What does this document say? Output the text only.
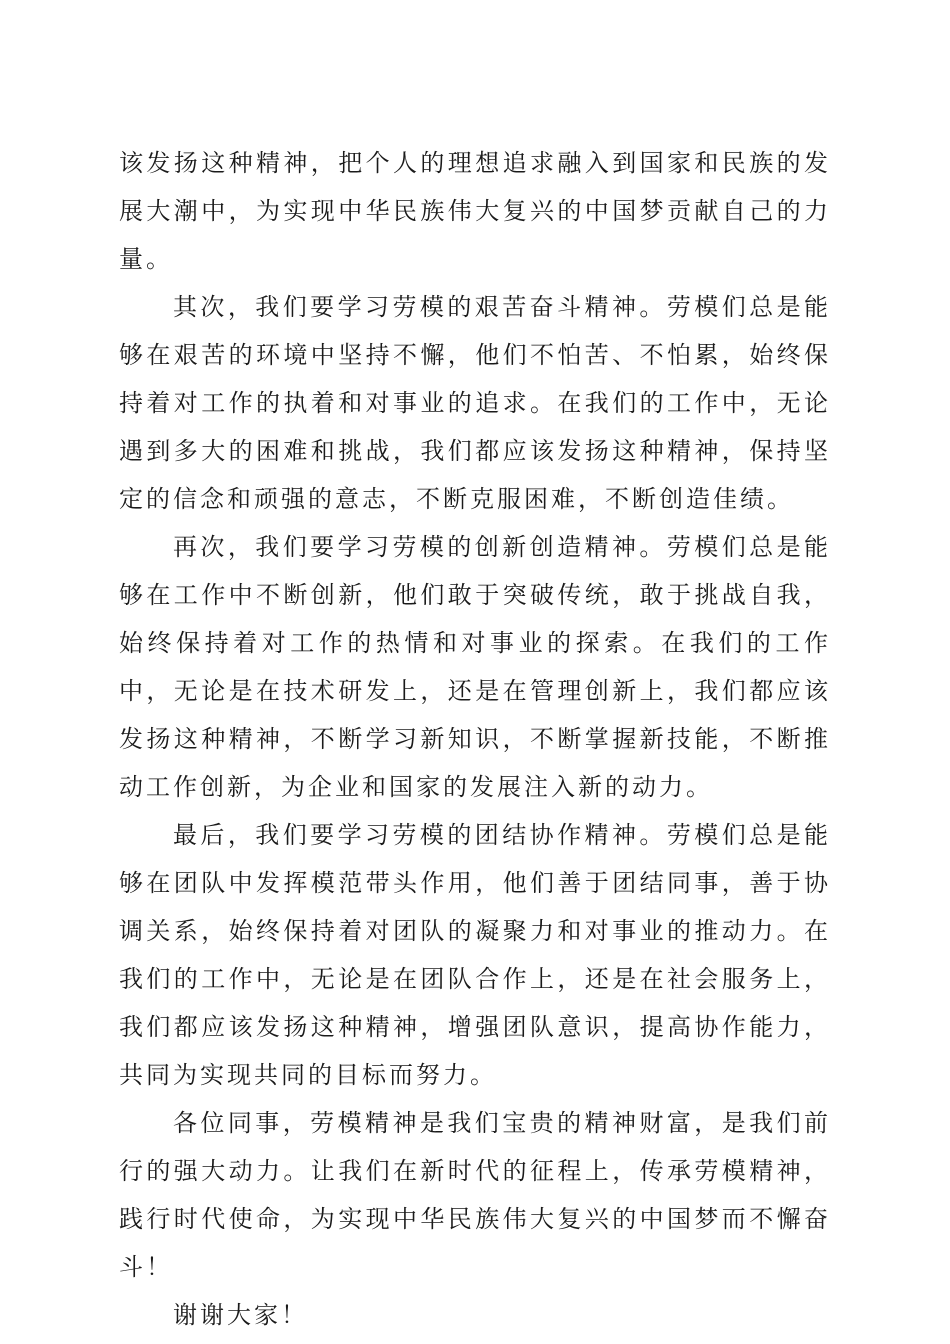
该发扬这种精神，把个人的理想追求融入到国家和民族的发展大潮中，为实现中华民族伟大复兴的中国梦贡献自己的力量。

其次，我们要学习劳模的艰苦奋斗精神。劳模们总是能够在艰苦的环境中坚持不懈，他们不怕苦、不怕累，始终保持着对工作的执着和对事业的追求。在我们的工作中，无论遇到多大的困难和挑战，我们都应该发扬这种精神，保持坚定的信念和顽强的意志，不断克服困难，不断创造佳绩。

再次，我们要学习劳模的创新创造精神。劳模们总是能够在工作中不断创新，他们敢于突破传统，敢于挑战自我，始终保持着对工作的热情和对事业的探索。在我们的工作中，无论是在技术研发上，还是在管理创新上，我们都应该发扬这种精神，不断学习新知识，不断掌握新技能，不断推动工作创新，为企业和国家的发展注入新的动力。

最后，我们要学习劳模的团结协作精神。劳模们总是能够在团队中发挥模范带头作用，他们善于团结同事，善于协调关系，始终保持着对团队的凝聚力和对事业的推动力。在我们的工作中，无论是在团队合作上，还是在社会服务上，我们都应该发扬这种精神，增强团队意识，提高协作能力，共同为实现共同的目标而努力。

各位同事，劳模精神是我们宝贵的精神财富，是我们前行的强大动力。让我们在新时代的征程上，传承劳模精神，践行时代使命，为实现中华民族伟大复兴的中国梦而不懈奋斗！

谢谢大家！
